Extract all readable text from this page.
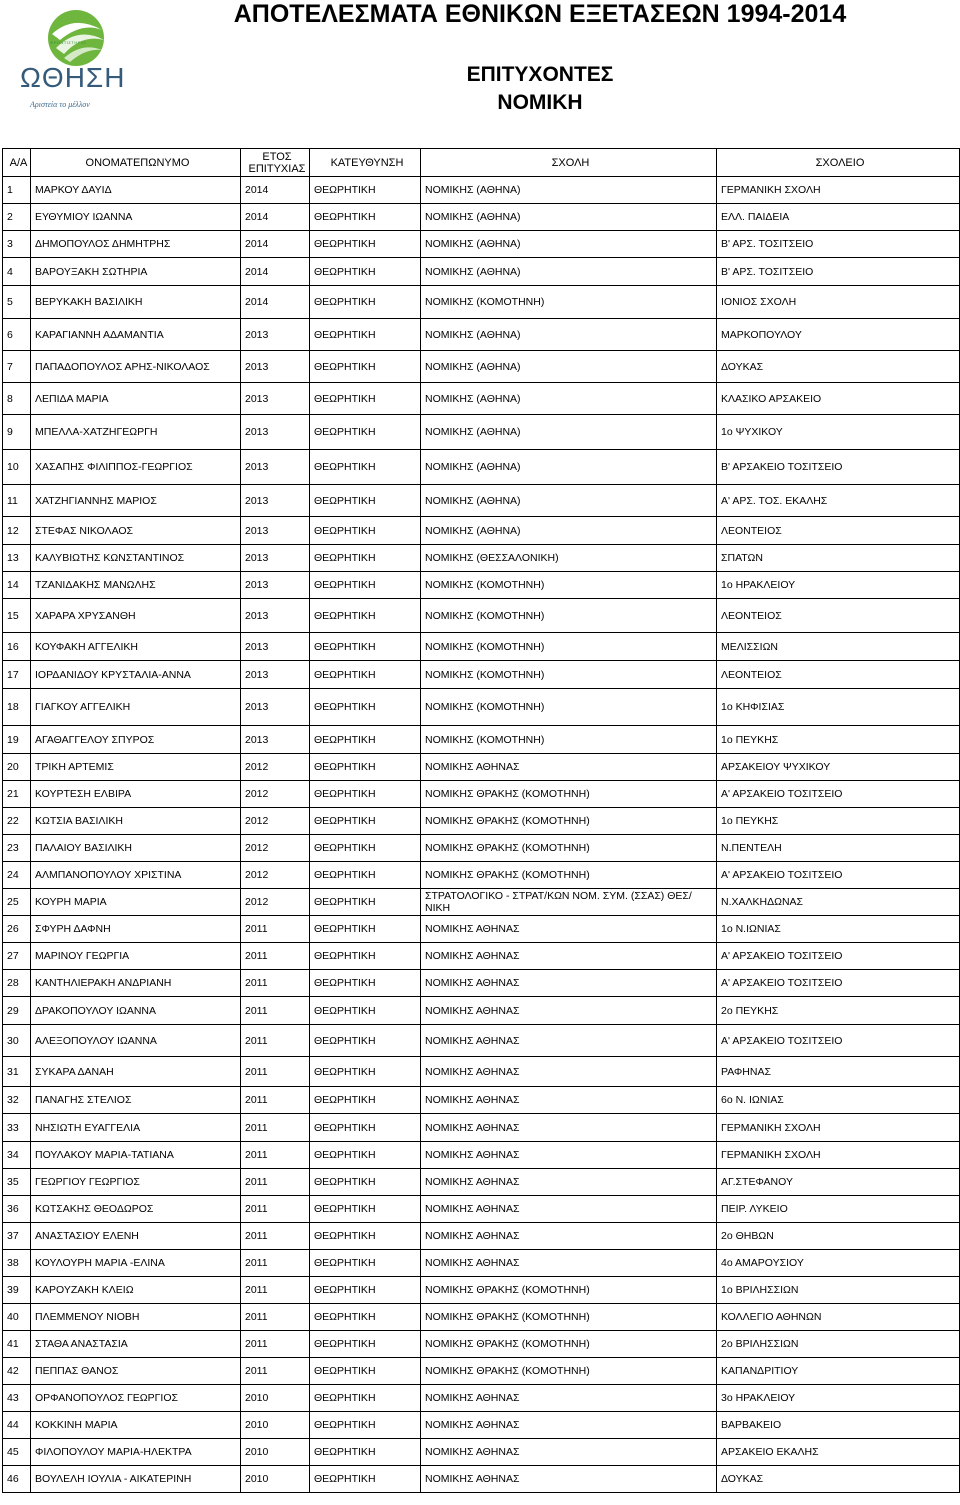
ΦΡΟΝΤΙΣΤΗΡΙΟ
ΩΘΗΣΗ
Αριστεία το μέλλον
ΑΠΟΤΕΛΕΣΜΑΤΑ ΕΘΝΙΚΩΝ ΕΞΕΤΑΣΕΩΝ 1994-2014
ΕΠΙΤΥΧΟΝΤΕΣ
ΝΟΜΙΚΗ
Α/Α	ΟΝΟΜΑΤΕΠΩΝΥΜΟ	ΕΤΟΣ ΕΠΙΤΥΧΙΑΣ	ΚΑΤΕΥΘΥΝΣΗ	ΣΧΟΛΗ	ΣΧΟΛΕΙΟ
1	ΜΑΡΚΟΥ ΔΑΥΙΔ	2014	ΘΕΩΡΗΤΙΚΗ	ΝΟΜΙΚΗΣ (ΑΘΗΝΑ)	ΓΕΡΜΑΝΙΚΗ ΣΧΟΛΗ
2	ΕΥΘΥΜΙΟΥ ΙΩΑΝΝΑ	2014	ΘΕΩΡΗΤΙΚΗ	ΝΟΜΙΚΗΣ (ΑΘΗΝΑ)	ΕΛΛ. ΠΑΙΔΕΙΑ
3	ΔΗΜΟΠΟΥΛΟΣ ΔΗΜΗΤΡΗΣ	2014	ΘΕΩΡΗΤΙΚΗ	ΝΟΜΙΚΗΣ (ΑΘΗΝΑ)	Β' ΑΡΣ. ΤΟΣΙΤΣΕΙΟ
4	ΒΑΡΟΥΞΑΚΗ ΣΩΤΗΡΙΑ	2014	ΘΕΩΡΗΤΙΚΗ	ΝΟΜΙΚΗΣ (ΑΘΗΝΑ)	Β' ΑΡΣ. ΤΟΣΙΤΣΕΙΟ
5	ΒΕΡΥΚΑΚΗ ΒΑΣΙΛΙΚΗ	2014	ΘΕΩΡΗΤΙΚΗ	ΝΟΜΙΚΗΣ (ΚΟΜΟΤΗΝΗ)	ΙΟΝΙΟΣ ΣΧΟΛΗ
6	ΚΑΡΑΓΙΑΝΝΗ ΑΔΑΜΑΝΤΙΑ	2013	ΘΕΩΡΗΤΙΚΗ	ΝΟΜΙΚΗΣ (ΑΘΗΝΑ)	ΜΑΡΚΟΠΟΥΛΟΥ
7	ΠΑΠΑΔΟΠΟΥΛΟΣ ΑΡΗΣ-ΝΙΚΟΛΑΟΣ	2013	ΘΕΩΡΗΤΙΚΗ	ΝΟΜΙΚΗΣ (ΑΘΗΝΑ)	ΔΟΥΚΑΣ
8	ΛΕΠΙΔΑ ΜΑΡΙΑ	2013	ΘΕΩΡΗΤΙΚΗ	ΝΟΜΙΚΗΣ (ΑΘΗΝΑ)	ΚΛΑΣΙΚΟ ΑΡΣΑΚΕΙΟ
9	ΜΠΕΛΛΑ-ΧΑΤΖΗΓΕΩΡΓΗ	2013	ΘΕΩΡΗΤΙΚΗ	ΝΟΜΙΚΗΣ (ΑΘΗΝΑ)	1ο ΨΥΧΙΚΟΥ
10	ΧΑΣΑΠΗΣ ΦΙΛΙΠΠΟΣ-ΓΕΩΡΓΙΟΣ	2013	ΘΕΩΡΗΤΙΚΗ	ΝΟΜΙΚΗΣ (ΑΘΗΝΑ)	Β' ΑΡΣΑΚΕΙΟ ΤΟΣΙΤΣΕΙΟ
11	ΧΑΤΖΗΓΙΑΝΝΗΣ ΜΑΡΙΟΣ	2013	ΘΕΩΡΗΤΙΚΗ	ΝΟΜΙΚΗΣ (ΑΘΗΝΑ)	Α' ΑΡΣ. ΤΟΣ. ΕΚΑΛΗΣ
12	ΣΤΕΦΑΣ ΝΙΚΟΛΑΟΣ	2013	ΘΕΩΡΗΤΙΚΗ	ΝΟΜΙΚΗΣ (ΑΘΗΝΑ)	ΛΕΟΝΤΕΙΟΣ
13	ΚΑΛΥΒΙΩΤΗΣ ΚΩΝΣΤΑΝΤΙΝΟΣ	2013	ΘΕΩΡΗΤΙΚΗ	ΝΟΜΙΚΗΣ (ΘΕΣΣΑΛΟΝΙΚΗ)	ΣΠΑΤΩΝ
14	ΤΖΑΝΙΔΑΚΗΣ ΜΑΝΩΛΗΣ	2013	ΘΕΩΡΗΤΙΚΗ	ΝΟΜΙΚΗΣ (ΚΟΜΟΤΗΝΗ)	1ο ΗΡΑΚΛΕΙΟΥ
15	ΧΑΡΑΡΑ ΧΡΥΣΑΝΘΗ	2013	ΘΕΩΡΗΤΙΚΗ	ΝΟΜΙΚΗΣ (ΚΟΜΟΤΗΝΗ)	ΛΕΟΝΤΕΙΟΣ
16	ΚΟΥΦΑΚΗ ΑΓΓΕΛΙΚΗ	2013	ΘΕΩΡΗΤΙΚΗ	ΝΟΜΙΚΗΣ (ΚΟΜΟΤΗΝΗ)	ΜΕΛΙΣΣΙΩΝ
17	ΙΟΡΔΑΝΙΔΟΥ ΚΡΥΣΤΑΛΙΑ-ΑΝΝΑ	2013	ΘΕΩΡΗΤΙΚΗ	ΝΟΜΙΚΗΣ (ΚΟΜΟΤΗΝΗ)	ΛΕΟΝΤΕΙΟΣ
18	ΓΙΑΓΚΟΥ ΑΓΓΕΛΙΚΗ	2013	ΘΕΩΡΗΤΙΚΗ	ΝΟΜΙΚΗΣ (ΚΟΜΟΤΗΝΗ)	1ο ΚΗΦΙΣΙΑΣ
19	ΑΓΑΘΑΓΓΕΛΟΥ ΣΠΥΡΟΣ	2013	ΘΕΩΡΗΤΙΚΗ	ΝΟΜΙΚΗΣ (ΚΟΜΟΤΗΝΗ)	1ο ΠΕΥΚΗΣ
20	ΤΡΙΚΗ ΑΡΤΕΜΙΣ	2012	ΘΕΩΡΗΤΙΚΗ	ΝΟΜΙΚΗΣ ΑΘΗΝΑΣ	ΑΡΣΑΚΕΙΟΥ ΨΥΧΙΚΟΥ
21	ΚΟΥΡΤΕΣΗ ΕΛΒΙΡΑ	2012	ΘΕΩΡΗΤΙΚΗ	ΝΟΜΙΚΗΣ ΘΡΑΚΗΣ (ΚΟΜΟΤΗΝΗ)	Α' ΑΡΣΑΚΕΙΟ ΤΟΣΙΤΣΕΙΟ
22	ΚΩΤΣΙΑ ΒΑΣΙΛΙΚΗ	2012	ΘΕΩΡΗΤΙΚΗ	ΝΟΜΙΚΗΣ ΘΡΑΚΗΣ (ΚΟΜΟΤΗΝΗ)	1ο ΠΕΥΚΗΣ
23	ΠΑΛΑΙΟΥ ΒΑΣΙΛΙΚΗ	2012	ΘΕΩΡΗΤΙΚΗ	ΝΟΜΙΚΗΣ ΘΡΑΚΗΣ (ΚΟΜΟΤΗΝΗ)	Ν.ΠΕΝΤΕΛΗ
24	ΑΛΜΠΑΝΟΠΟΥΛΟΥ ΧΡΙΣΤΙΝΑ	2012	ΘΕΩΡΗΤΙΚΗ	ΝΟΜΙΚΗΣ ΘΡΑΚΗΣ (ΚΟΜΟΤΗΝΗ)	Α' ΑΡΣΑΚΕΙΟ ΤΟΣΙΤΣΕΙΟ
25	ΚΟΥΡΗ ΜΑΡΙΑ	2012	ΘΕΩΡΗΤΙΚΗ	ΣΤΡΑΤΟΛΟΓΙΚΟ - ΣΤΡΑΤ/ΚΩΝ ΝΟΜ. ΣΥΜ. (ΣΣΑΣ) ΘΕΣ/ΝΙΚΗ	Ν.ΧΑΛΚΗΔΩΝΑΣ
26	ΣΦΥΡΗ ΔΑΦΝΗ	2011	ΘΕΩΡΗΤΙΚΗ	ΝΟΜΙΚΗΣ ΑΘΗΝΑΣ	1ο Ν.ΙΩΝΙΑΣ
27	ΜΑΡΙΝΟΥ ΓΕΩΡΓΙΑ	2011	ΘΕΩΡΗΤΙΚΗ	ΝΟΜΙΚΗΣ ΑΘΗΝΑΣ	Α' ΑΡΣΑΚΕΙΟ ΤΟΣΙΤΣΕΙΟ
28	ΚΑΝΤΗΛΙΕΡΑΚΗ ΑΝΔΡΙΑΝΗ	2011	ΘΕΩΡΗΤΙΚΗ	ΝΟΜΙΚΗΣ ΑΘΗΝΑΣ	Α' ΑΡΣΑΚΕΙΟ ΤΟΣΙΤΣΕΙΟ
29	ΔΡΑΚΟΠΟΥΛΟΥ ΙΩΑΝΝΑ	2011	ΘΕΩΡΗΤΙΚΗ	ΝΟΜΙΚΗΣ ΑΘΗΝΑΣ	2ο ΠΕΥΚΗΣ
30	ΑΛΕΞΟΠΟΥΛΟΥ ΙΩΑΝΝΑ	2011	ΘΕΩΡΗΤΙΚΗ	ΝΟΜΙΚΗΣ ΑΘΗΝΑΣ	Α' ΑΡΣΑΚΕΙΟ ΤΟΣΙΤΣΕΙΟ
31	ΣΥΚΑΡΑ ΔΑΝΑΗ	2011	ΘΕΩΡΗΤΙΚΗ	ΝΟΜΙΚΗΣ ΑΘΗΝΑΣ	ΡΑΦΗΝΑΣ
32	ΠΑΝΑΓΗΣ ΣΤΕΛΙΟΣ	2011	ΘΕΩΡΗΤΙΚΗ	ΝΟΜΙΚΗΣ ΑΘΗΝΑΣ	6ο Ν. ΙΩΝΙΑΣ
33	ΝΗΣΙΩΤΗ ΕΥΑΓΓΕΛΙΑ	2011	ΘΕΩΡΗΤΙΚΗ	ΝΟΜΙΚΗΣ ΑΘΗΝΑΣ	ΓΕΡΜΑΝΙΚΗ ΣΧΟΛΗ
34	ΠΟΥΛΑΚΟΥ ΜΑΡΙΑ-ΤΑΤΙΑΝΑ	2011	ΘΕΩΡΗΤΙΚΗ	ΝΟΜΙΚΗΣ ΑΘΗΝΑΣ	ΓΕΡΜΑΝΙΚΗ ΣΧΟΛΗ
35	ΓΕΩΡΓΙΟΥ ΓΕΩΡΓΙΟΣ	2011	ΘΕΩΡΗΤΙΚΗ	ΝΟΜΙΚΗΣ ΑΘΗΝΑΣ	ΑΓ.ΣΤΕΦΑΝΟΥ
36	ΚΩΤΣΑΚΗΣ ΘΕΟΔΩΡΟΣ	2011	ΘΕΩΡΗΤΙΚΗ	ΝΟΜΙΚΗΣ ΑΘΗΝΑΣ	ΠΕΙΡ. ΛΥΚΕΙΟ
37	ΑΝΑΣΤΑΣΙΟΥ ΕΛΕΝΗ	2011	ΘΕΩΡΗΤΙΚΗ	ΝΟΜΙΚΗΣ ΑΘΗΝΑΣ	2ο ΘΗΒΩΝ
38	ΚΟΥΛΟΥΡΗ ΜΑΡΙΑ -ΕΛΙΝΑ	2011	ΘΕΩΡΗΤΙΚΗ	ΝΟΜΙΚΗΣ ΑΘΗΝΑΣ	4ο ΑΜΑΡΟΥΣΙΟΥ
39	ΚΑΡΟΥΖΑΚΗ ΚΛΕΙΩ	2011	ΘΕΩΡΗΤΙΚΗ	ΝΟΜΙΚΗΣ ΘΡΑΚΗΣ (ΚΟΜΟΤΗΝΗ)	1ο ΒΡΙΛΗΣΣΙΩΝ
40	ΠΛΕΜΜΕΝΟΥ ΝΙΟΒΗ	2011	ΘΕΩΡΗΤΙΚΗ	ΝΟΜΙΚΗΣ ΘΡΑΚΗΣ (ΚΟΜΟΤΗΝΗ)	ΚΟΛΛΕΓΙΟ ΑΘΗΝΩΝ
41	ΣΤΑΘΑ ΑΝΑΣΤΑΣΙΑ	2011	ΘΕΩΡΗΤΙΚΗ	ΝΟΜΙΚΗΣ ΘΡΑΚΗΣ (ΚΟΜΟΤΗΝΗ)	2ο ΒΡΙΛΗΣΣΙΩΝ
42	ΠΕΠΠΑΣ ΘΑΝΟΣ	2011	ΘΕΩΡΗΤΙΚΗ	ΝΟΜΙΚΗΣ ΘΡΑΚΗΣ (ΚΟΜΟΤΗΝΗ)	ΚΑΠΑΝΔΡΙΤΙΟΥ
43	ΟΡΦΑΝΟΠΟΥΛΟΣ ΓΕΩΡΓΙΟΣ	2010	ΘΕΩΡΗΤΙΚΗ	ΝΟΜΙΚΗΣ ΑΘΗΝΑΣ	3ο ΗΡΑΚΛΕΙΟΥ
44	ΚΟΚΚΙΝΗ ΜΑΡΙΑ	2010	ΘΕΩΡΗΤΙΚΗ	ΝΟΜΙΚΗΣ ΑΘΗΝΑΣ	ΒΑΡΒΑΚΕΙΟ
45	ΦΙΛΟΠΟΥΛΟΥ ΜΑΡΙΑ-ΗΛΕΚΤΡΑ	2010	ΘΕΩΡΗΤΙΚΗ	ΝΟΜΙΚΗΣ ΑΘΗΝΑΣ	ΑΡΣΑΚΕΙΟ ΕΚΑΛΗΣ
46	ΒΟΥΛΕΛΗ ΙΟΥΛΙΑ - ΑΙΚΑΤΕΡΙΝΗ	2010	ΘΕΩΡΗΤΙΚΗ	ΝΟΜΙΚΗΣ ΑΘΗΝΑΣ	ΔΟΥΚΑΣ
